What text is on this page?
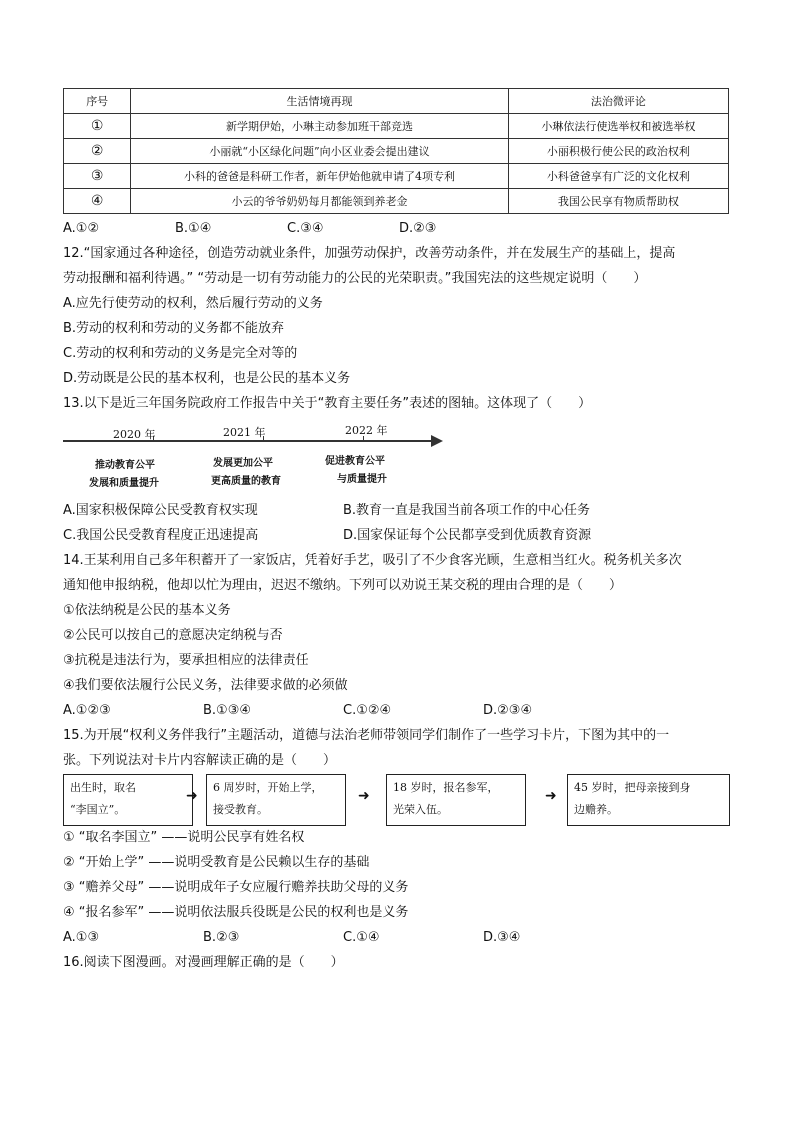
序号	生活情境再现	法治微评论
①	新学期伊始，小琳主动参加班干部竞选	小琳依法行使选举权和被选举权
②	小丽就“小区绿化问题”向小区业委会提出建议	小丽积极行使公民的政治权利
③	小科的爸爸是科研工作者，新年伊始他就申请了4项专利	小科爸爸享有广泛的文化权利
④	小云的爷爷奶奶每月都能领到养老金	我国公民享有物质帮助权
A.①②	B.①④	C.③④	D.②③
12.“国家通过各种途径，创造劳动就业条件，加强劳动保护，改善劳动条件，并在发展生产的基础上，提高
劳动报酬和福利待遇。” “劳动是一切有劳动能力的公民的光荣职责。”我国宪法的这些规定说明（　　）
A.应先行使劳动的权利，然后履行劳动的义务
B.劳动的权利和劳动的义务都不能放弃
C.劳动的权利和劳动的义务是完全对等的
D.劳动既是公民的基本权利，也是公民的基本义务
13.以下是近三年国务院政府工作报告中关于“教育主要任务”表述的图轴。这体现了（　　）
2020 年	2021 年	2022 年
推动教育公平
发展和质量提升
发展更加公平
更高质量的教育
促进教育公平
与质量提升
A.国家积极保障公民受教育权实现	B.教育一直是我国当前各项工作的中心任务
C.我国公民受教育程度正迅速提高	D.国家保证每个公民都享受到优质教育资源
14.王某利用自己多年积蓄开了一家饭店，凭着好手艺，吸引了不少食客光顾，生意相当红火。税务机关多次
通知他申报纳税，他却以忙为理由，迟迟不缴纳。下列可以劝说王某交税的理由合理的是（　　）
①依法纳税是公民的基本义务
②公民可以按自己的意愿决定纳税与否
③抗税是违法行为，要承担相应的法律责任
④我们要依法履行公民义务，法律要求做的必须做
A.①②③	B.①③④	C.①②④	D.②③④
15.为开展“权利义务伴我行”主题活动，道德与法治老师带领同学们制作了一些学习卡片，下图为其中的一
张。下列说法对卡片内容解读正确的是（　　）
出生时，取名
“李国立”。
➜
6 周岁时，开始上学，
接受教育。
➜
18 岁时，报名参军，
光荣入伍。
➜
45 岁时，把母亲接到身
边赡养。
① “取名李国立” ——说明公民享有姓名权
② “开始上学” ——说明受教育是公民赖以生存的基础
③ “赡养父母” ——说明成年子女应履行赡养扶助父母的义务
④ “报名参军” ——说明依法服兵役既是公民的权利也是义务
A.①③	B.②③	C.①④	D.③④
16.阅读下图漫画。对漫画理解正确的是（　　）
